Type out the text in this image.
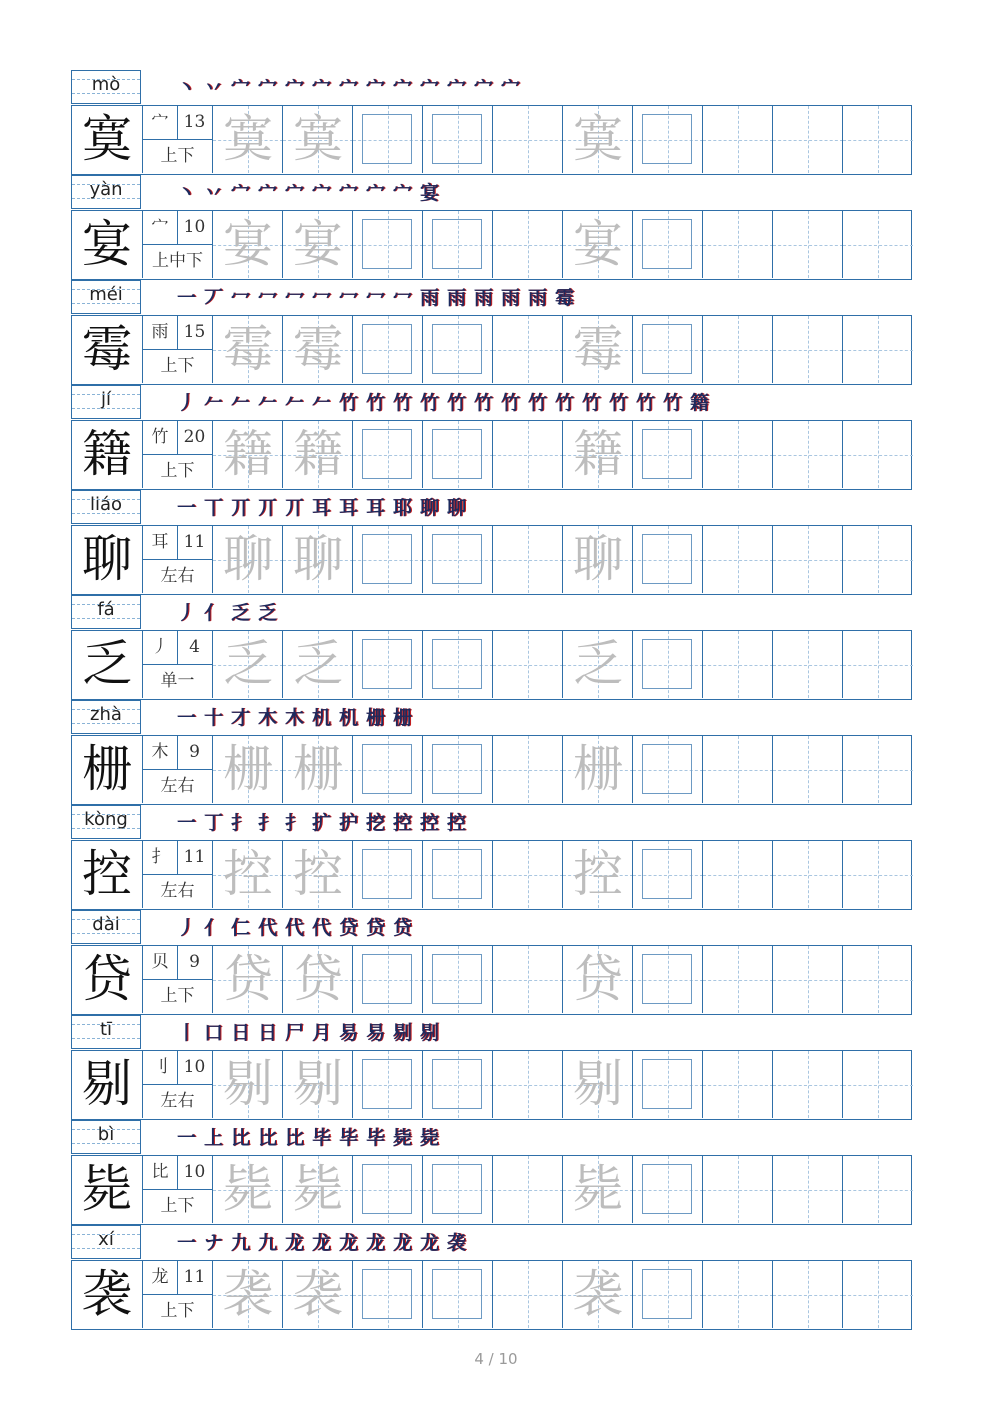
mò	丶 丷 宀 宀 宀 宀 宀 宀 宀 宀 宀 宀 宀
寞	宀 13
上下 寞 寞	寞
yàn	丶 丷 宀 宀 宀 宀 宀 宀 宀 宴
宴	宀 10
上中下 宴 宴	宴
méi	一 丆 冖 冖 冖 冖 冖 冖 冖 雨 雨 雨 雨 雨 霉
霉	雨 15
上下 霉 霉	霉
jí	丿 𠂉 𠂉 𠂉 𠂉 𠂉 竹 竹 竹 竹 竹 竹 竹 竹 竹 竹 竹 竹 竹 籍
籍	竹 20
上下 籍 籍	籍
liáo	一 丅 丌 丌 丌 耳 耳 耳 耶 聊 聊
聊	耳 11
左右 聊 聊	聊
fá	丿 亻 乏 乏
乏	丿	4
单一 乏 乏	乏
zhà	一 十 才 木 木 机 机 栅 栅
栅	木	9
左右 栅 栅	栅
kòng	一 丁 扌 扌 扌 扩 护 挖 控 控 控
控	扌 11
左右 控 控	控
dài	丿 亻 仁 代 代 代 贷 贷 贷
贷	贝	9
上下 贷 贷	贷
tī	丨 口 日 日 尸 月 易 易 剔 剔
剔	刂 10
左右 剔 剔	剔
bì	一 上 比 比 比 毕 毕 毕 毙 毙
毙	比 10
上下 毙 毙	毙
xí	一 ナ 九 九 龙 龙 龙 龙 龙 龙 袭
袭	龙 11
上下 袭 袭	袭
4 / 10
